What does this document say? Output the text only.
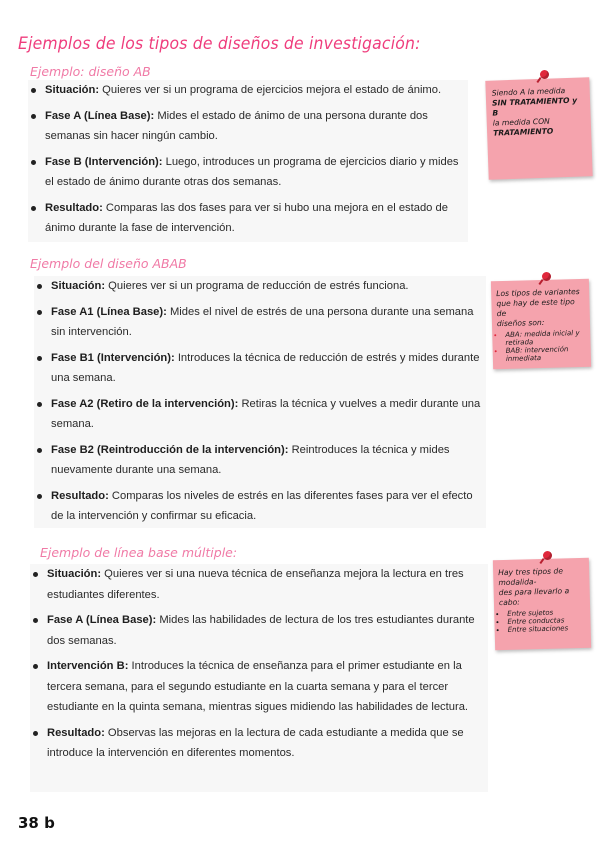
Ejemplos de los tipos de diseños de investigación:
Ejemplo: diseño AB
Situación: Quieres ver si un programa de ejercicios mejora el estado de ánimo.
Fase A (Línea Base): Mides el estado de ánimo de una persona durante dos semanas sin hacer ningún cambio.
Fase B (Intervención): Luego, introduces un programa de ejercicios diario y mides el estado de ánimo durante otras dos semanas.
Resultado: Comparas las dos fases para ver si hubo una mejora en el estado de ánimo durante la fase de intervención.
Ejemplo del diseño ABAB
Situación: Quieres ver si un programa de reducción de estrés funciona.
Fase A1 (Línea Base): Mides el nivel de estrés de una persona durante una semana sin intervención.
Fase B1 (Intervención): Introduces la técnica de reducción de estrés y mides durante una semana.
Fase A2 (Retiro de la intervención): Retiras la técnica y vuelves a medir durante una semana.
Fase B2 (Reintroducción de la intervención): Reintroduces la técnica y mides nuevamente durante una semana.
Resultado: Comparas los niveles de estrés en las diferentes fases para ver el efecto de la intervención y confirmar su eficacia.
Ejemplo de línea base múltiple:
Situación: Quieres ver si una nueva técnica de enseñanza mejora la lectura en tres estudiantes diferentes.
Fase A (Línea Base): Mides las habilidades de lectura de los tres estudiantes durante dos semanas.
Intervención B: Introduces la técnica de enseñanza para el primer estudiante en la tercera semana, para el segundo estudiante en la cuarta semana y para el tercer estudiante en la quinta semana, mientras sigues midiendo las habilidades de lectura.
Resultado: Observas las mejoras en la lectura de cada estudiante a medida que se introduce la intervención en diferentes momentos.
Siendo A la medida
SIN TRATAMIENTO y B
la medida CON
TRATAMIENTO
Los tipos de variantes
que hay de este tipo de
diseños son:
• ABA: medida inicial y retirada
• BAB: intervención inmediata
Hay tres tipos de modalida-
des para llevarlo a cabo:
• Entre sujetos
• Entre conductas
• Entre situaciones
38 b
